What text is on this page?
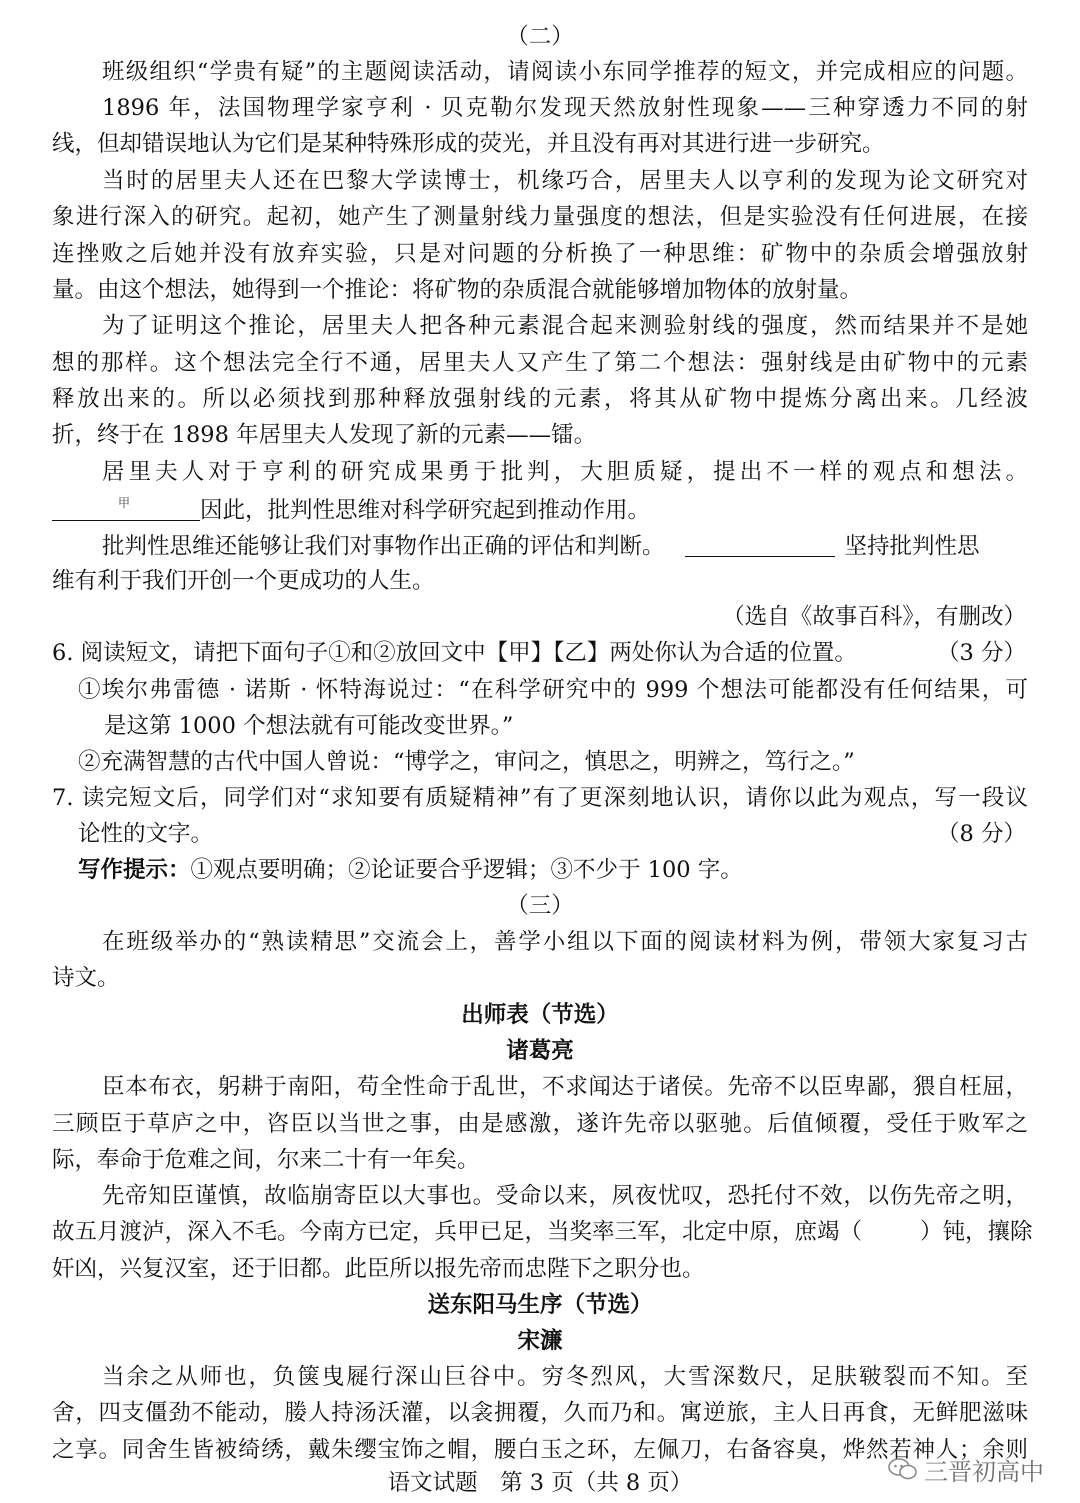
（二）
班级组织“学贵有疑”的主题阅读活动，请阅读小东同学推荐的短文，并完成相应的问题。
1896 年，法国物理学家亨利 · 贝克勒尔发现天然放射性现象——三种穿透力不同的射
线，但却错误地认为它们是某种特殊形成的荧光，并且没有再对其进行进一步研究。
当时的居里夫人还在巴黎大学读博士，机缘巧合，居里夫人以亨利的发现为论文研究对
象进行深入的研究。起初，她产生了测量射线力量强度的想法，但是实验没有任何进展，在接
连挫败之后她并没有放弃实验，只是对问题的分析换了一种思维：矿物中的杂质会增强放射
量。由这个想法，她得到一个推论：将矿物的杂质混合就能够增加物体的放射量。
为了证明这个推论，居里夫人把各种元素混合起来测验射线的强度，然而结果并不是她
想的那样。这个想法完全行不通，居里夫人又产生了第二个想法：强射线是由矿物中的元素
释放出来的。所以必须找到那种释放强射线的元素，将其从矿物中提炼分离出来。几经波
折，终于在 1898 年居里夫人发现了新的元素——镭。
居里夫人对于亨利的研究成果勇于批判，大胆质疑，提出不一样的观点和想法。
甲	因此，批判性思维对科学研究起到推动作用。
批判性思维还能够让我们对事物作出正确的评估和判断。	坚持批判性思
维有利于我们开创一个更成功的人生。
（选自《故事百科》，有删改）
6. 阅读短文，请把下面句子①和②放回文中【甲】【乙】两处你认为合适的位置。	（3 分）
①埃尔弗雷德 · 诺斯 · 怀特海说过：“在科学研究中的 999 个想法可能都没有任何结果，可
是这第 1000 个想法就有可能改变世界。”
②充满智慧的古代中国人曾说：“博学之，审问之，慎思之，明辨之，笃行之。”
7. 读完短文后，同学们对“求知要有质疑精神”有了更深刻地认识，请你以此为观点，写一段议
论性的文字。	（8 分）
写作提示：①观点要明确；②论证要合乎逻辑；③不少于 100 字。
（三）
在班级举办的“熟读精思”交流会上，善学小组以下面的阅读材料为例，带领大家复习古
诗文。
出师表（节选）
诸葛亮
臣本布衣，躬耕于南阳，苟全性命于乱世，不求闻达于诸侯。先帝不以臣卑鄙，猥自枉屈，
三顾臣于草庐之中，咨臣以当世之事，由是感激，遂许先帝以驱驰。后值倾覆，受任于败军之
际，奉命于危难之间，尔来二十有一年矣。
先帝知臣谨慎，故临崩寄臣以大事也。受命以来，夙夜忧叹，恐托付不效，以伤先帝之明，
故五月渡泸，深入不毛。今南方已定，兵甲已足，当奖率三军，北定中原，庶竭（	）钝，攘除
奸凶，兴复汉室，还于旧都。此臣所以报先帝而忠陛下之职分也。
送东阳马生序（节选）
宋濂
当余之从师也，负箧曳屣行深山巨谷中。穷冬烈风，大雪深数尺，足肤皲裂而不知。至
舍，四支僵劲不能动，媵人持汤沃灌，以衾拥覆，久而乃和。寓逆旅，主人日再食，无鲜肥滋味
之享。同舍生皆被绮绣，戴朱缨宝饰之帽，腰白玉之环，左佩刀，右备容臭，烨然若神人；余则
语文试题　第 3 页（共 8 页）	三晋初高中
